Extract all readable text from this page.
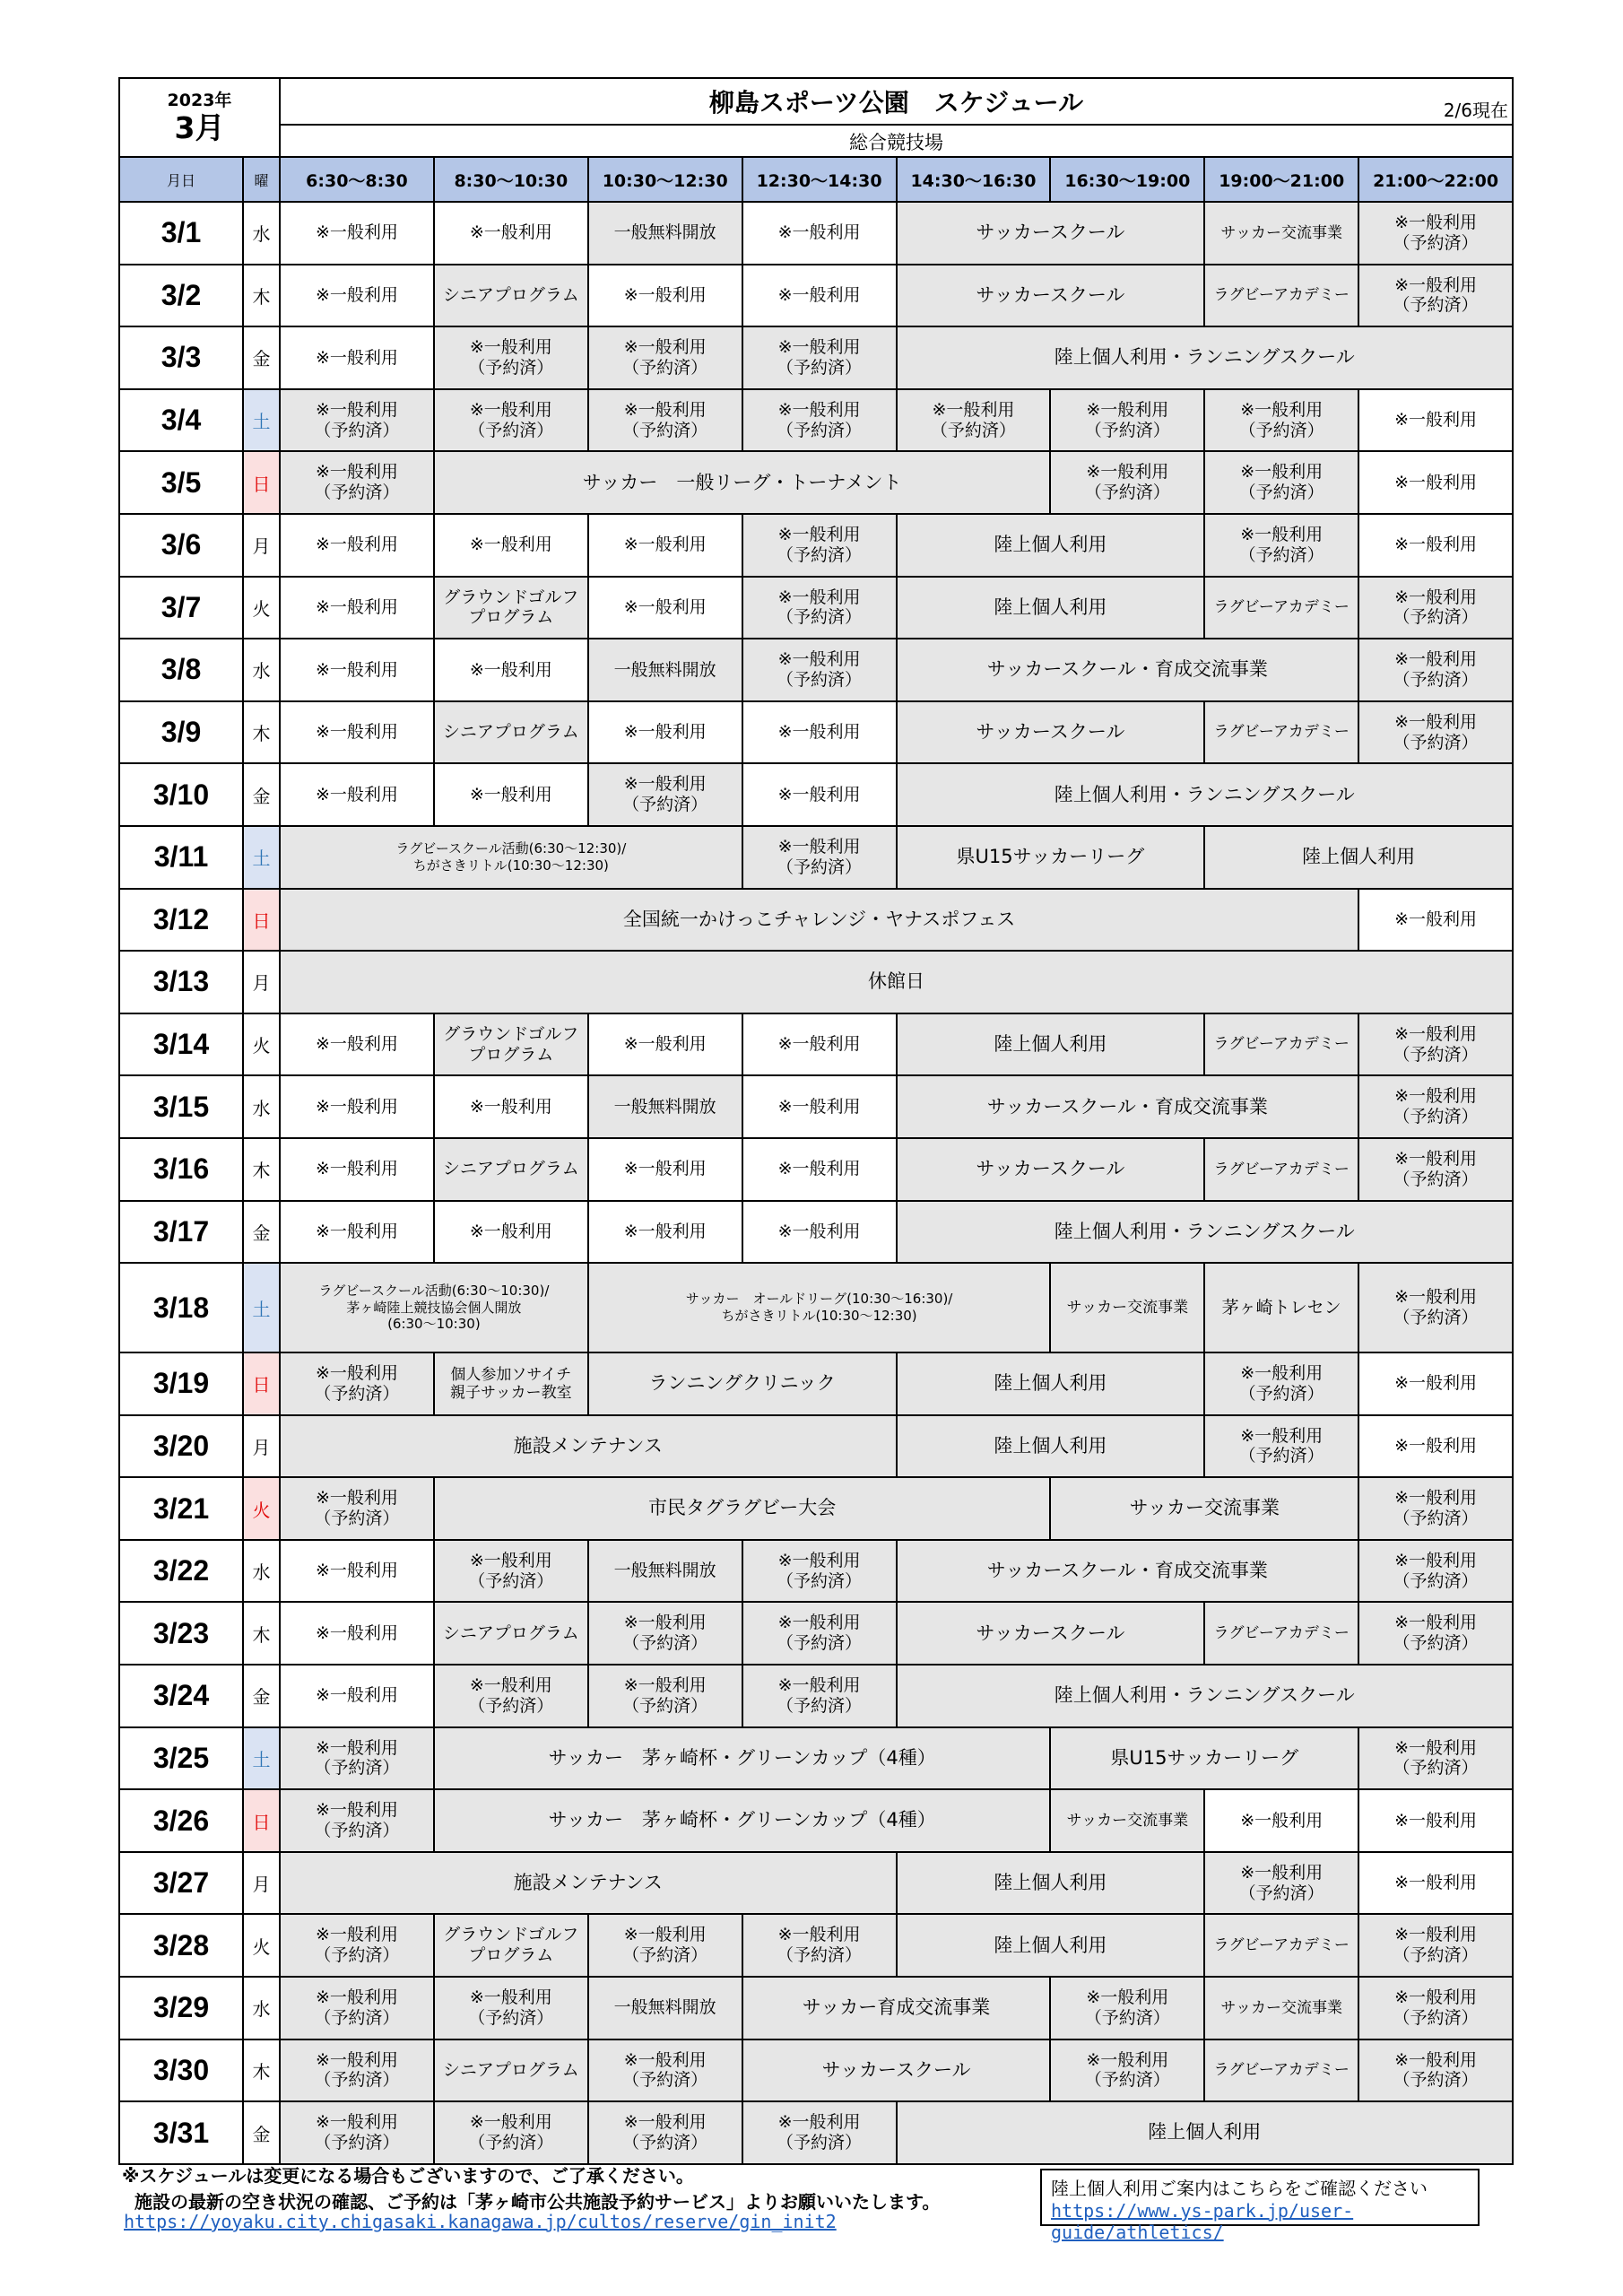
2023年
3月
	柳島スポーツ公園　スケジュール	2/6現在

総合競技場
月日	曜	6:30～8:30	8:30～10:30	10:30～12:30	12:30～14:30	14:30～16:30	16:30～19:00	19:00～21:00	21:00～22:00
3/1	水	※一般利用	※一般利用	一般無料開放	※一般利用	サッカースクール		サッカー交流事業	※一般利用
（予約済）
3/2	木	※一般利用	シニアプログラム	※一般利用	※一般利用	サッカースクール		ラグビーアカデミー	※一般利用
（予約済）
3/3	金	※一般利用	※一般利用
（予約済）	※一般利用
（予約済）	※一般利用
（予約済）	陸上個人利用・ランニングスクール			
3/4	土	※一般利用
（予約済）	※一般利用
（予約済）	※一般利用
（予約済）	※一般利用
（予約済）	※一般利用
（予約済）	※一般利用
（予約済）	※一般利用
（予約済）	※一般利用
3/5	日	※一般利用
（予約済）	サッカー　一般リーグ・トーナメント				※一般利用
（予約済）	※一般利用
（予約済）	※一般利用
3/6	月	※一般利用	※一般利用	※一般利用	※一般利用
（予約済）	陸上個人利用		※一般利用
（予約済）	※一般利用
3/7	火	※一般利用	グラウンドゴルフ
プログラム	※一般利用	※一般利用
（予約済）	陸上個人利用		ラグビーアカデミー	※一般利用
（予約済）
3/8	水	※一般利用	※一般利用	一般無料開放	※一般利用
（予約済）	サッカースクール・育成交流事業			※一般利用
（予約済）
3/9	木	※一般利用	シニアプログラム	※一般利用	※一般利用	サッカースクール		ラグビーアカデミー	※一般利用
（予約済）
3/10	金	※一般利用	※一般利用	※一般利用
（予約済）	※一般利用	陸上個人利用・ランニングスクール			
3/11	土	ラグビースクール活動(6:30～12:30)/
ちがさきリトル(10:30～12:30)			※一般利用
（予約済）	県U15サッカーリーグ		陸上個人利用	
3/12	日	全国統一かけっこチャレンジ・ヤナスポフェス							※一般利用
3/13	月	休館日							
3/14	火	※一般利用	グラウンドゴルフ
プログラム	※一般利用	※一般利用	陸上個人利用		ラグビーアカデミー	※一般利用
（予約済）
3/15	水	※一般利用	※一般利用	一般無料開放	※一般利用	サッカースクール・育成交流事業			※一般利用
（予約済）
3/16	木	※一般利用	シニアプログラム	※一般利用	※一般利用	サッカースクール		ラグビーアカデミー	※一般利用
（予約済）
3/17	金	※一般利用	※一般利用	※一般利用	※一般利用	陸上個人利用・ランニングスクール			
3/18	土	ラグビースクール活動(6:30～10:30)/
茅ヶ崎陸上競技協会個人開放
(6:30～10:30)		サッカー　オールドリーグ(10:30～16:30)/
ちがさきリトル(10:30～12:30)			サッカー交流事業	茅ヶ崎トレセン	※一般利用
（予約済）
3/19	日	※一般利用
（予約済）	個人参加ソサイチ
親子サッカー教室	ランニングクリニック		陸上個人利用		※一般利用
（予約済）	※一般利用
3/20	月	施設メンテナンス				陸上個人利用		※一般利用
（予約済）	※一般利用
3/21	火	※一般利用
（予約済）	市民タグラグビー大会				サッカー交流事業		※一般利用
（予約済）
3/22	水	※一般利用	※一般利用
（予約済）	一般無料開放	※一般利用
（予約済）	サッカースクール・育成交流事業			※一般利用
（予約済）
3/23	木	※一般利用	シニアプログラム	※一般利用
（予約済）	※一般利用
（予約済）	サッカースクール		ラグビーアカデミー	※一般利用
（予約済）
3/24	金	※一般利用	※一般利用
（予約済）	※一般利用
（予約済）	※一般利用
（予約済）	陸上個人利用・ランニングスクール			
3/25	土	※一般利用
（予約済）	サッカー　茅ヶ崎杯・グリーンカップ（4種）				県U15サッカーリーグ		※一般利用
（予約済）
3/26	日	※一般利用
（予約済）	サッカー　茅ヶ崎杯・グリーンカップ（4種）				サッカー交流事業	※一般利用	※一般利用
3/27	月	施設メンテナンス				陸上個人利用		※一般利用
（予約済）	※一般利用
3/28	火	※一般利用
（予約済）	グラウンドゴルフ
プログラム	※一般利用
（予約済）	※一般利用
（予約済）	陸上個人利用		ラグビーアカデミー	※一般利用
（予約済）
3/29	水	※一般利用
（予約済）	※一般利用
（予約済）	一般無料開放	サッカー育成交流事業		※一般利用
（予約済）	サッカー交流事業	※一般利用
（予約済）
3/30	木	※一般利用
（予約済）	シニアプログラム	※一般利用
（予約済）	サッカースクール		※一般利用
（予約済）	ラグビーアカデミー	※一般利用
（予約済）
3/31	金	※一般利用
（予約済）	※一般利用
（予約済）	※一般利用
（予約済）	※一般利用
（予約済）	陸上個人利用			
※スケジュールは変更になる場合もございますので、ご了承ください。
施設の最新の空き状況の確認、ご予約は「茅ヶ崎市公共施設予約サービス」よりお願いいたします。
https://yoyaku.city.chigasaki.kanagawa.jp/cultos/reserve/gin_init2
陸上個人利用ご案内はこちらをご確認ください
https://www.ys-park.jp/user-guide/athletics/
